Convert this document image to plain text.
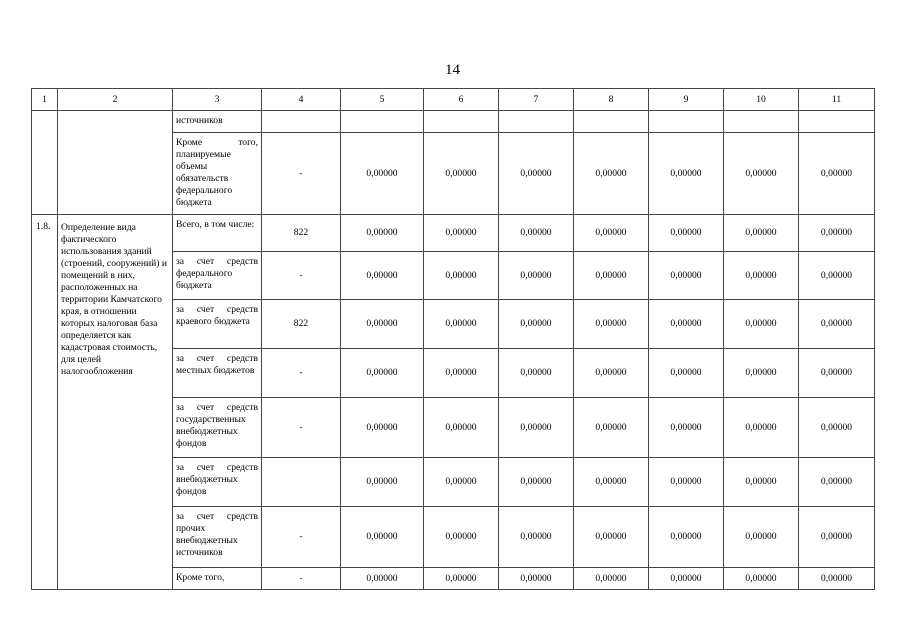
14
1	2	3	4	5	6	7	8	9	10	11
		источников								
		Кроме того, планируемые объемы обязательств федерального бюджета	-	0,00000	0,00000	0,00000	0,00000	0,00000	0,00000	0,00000
1.8.	Определение вида фактического использования зданий (строений, сооружений) и помещений в них, расположенных на территории Камчатского края, в отношении которых налоговая база определяется как кадастровая стоимость, для целей налогообложения	Всего, в том числе:	822	0,00000	0,00000	0,00000	0,00000	0,00000	0,00000	0,00000
		за счет средств федерального бюджета	-	0,00000	0,00000	0,00000	0,00000	0,00000	0,00000	0,00000
		за счет средств краевого бюджета	822	0,00000	0,00000	0,00000	0,00000	0,00000	0,00000	0,00000
		за счет средств местных бюджетов	-	0,00000	0,00000	0,00000	0,00000	0,00000	0,00000	0,00000
		за счет средств государственных внебюджетных фондов	-	0,00000	0,00000	0,00000	0,00000	0,00000	0,00000	0,00000
		за счет средств внебюджетных фондов		0,00000	0,00000	0,00000	0,00000	0,00000	0,00000	0,00000
		за счет средств прочих внебюджетных источников	-	0,00000	0,00000	0,00000	0,00000	0,00000	0,00000	0,00000
		Кроме того,	-	0,00000	0,00000	0,00000	0,00000	0,00000	0,00000	0,00000
